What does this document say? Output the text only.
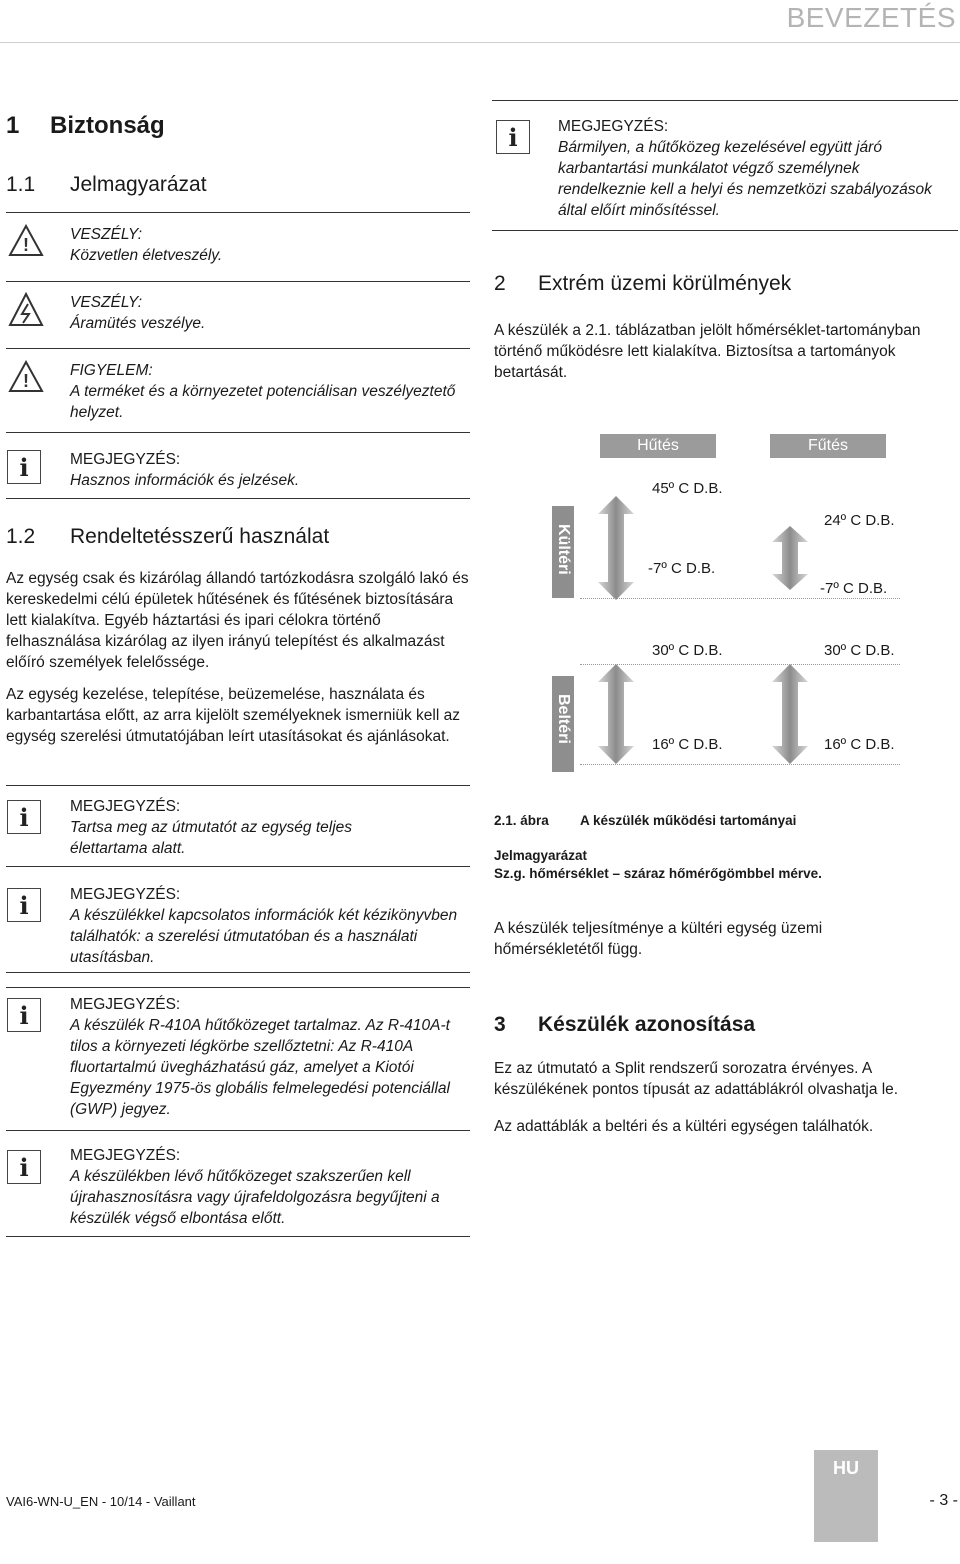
BEVEZETÉS
1 Biztonság
1.1 Jelmagyarázat
!
VESZÉLY:
Közvetlen életveszély.
VESZÉLY:
Áramütés veszélye.
!
FIGYELEM:
A terméket és a környezetet potenciálisan veszélyeztető helyzet.
i	MEGJEGYZÉS:
Hasznos információk és jelzések.
1.2 Rendeltetésszerű használat
Az egység csak és kizárólag állandó tartózkodásra szolgáló lakó és kereskedelmi célú épületek hűtésének és fűtésének biztosítására lett kialakítva. Egyéb háztartási és ipari célokra történő felhasználása kizárólag az ilyen irányú telepítést és alkalmazást előíró személyek felelőssége.
Az egység kezelése, telepítése, beüzemelése, használata és karbantartása előtt, az arra kijelölt személyeknek ismerniük kell az egység szerelési útmutatójában leírt utasításokat és ajánlásokat.
i	MEGJEGYZÉS:
Tartsa meg az útmutatót az egység teljes élettartama alatt.
i	MEGJEGYZÉS:
A készülékkel kapcsolatos információk két kézikönyvben találhatók: a szerelési útmutatóban és a használati utasításban.
i	MEGJEGYZÉS:
A készülék R-410A hűtőközeget tartalmaz. Az R-410A-t tilos a környezeti légkörbe szellőztetni: Az R-410A fluortartalmú üvegházhatású gáz, amelyet a Kiotói Egyezmény 1975-ös globális felmelegedési potenciállal (GWP) jegyez.
i	MEGJEGYZÉS:
A készülékben lévő hűtőközeget szakszerűen kell újrahasznosításra vagy újrafeldolgozásra begyűjteni a készülék végső elbontása előtt.
i	MEGJEGYZÉS:
Bármilyen, a hűtőközeg kezelésével együtt járó karbantartási munkálatot végző személynek rendelkeznie kell a helyi és nemzetközi szabályozások által előírt minősítéssel.
2 Extrém üzemi körülmények
A készülék a 2.1. táblázatban jelölt hőmérséklet-tartományban történő működésre lett kialakítva. Biztosítsa a tartományok betartását.
Hűtés	Fűtés
Kültéri
Beltéri
45º C D.B.
-7º C D.B.
24º C D.B.
-7º C D.B.
30º C D.B.
16º C D.B.
30º C D.B.
16º C D.B.
2.1. ábra A készülék működési tartományai
Jelmagyarázat
Sz.g. hőmérséklet – száraz hőmérőgömbbel mérve.
A készülék teljesítménye a kültéri egység üzemi hőmérsékletétől függ.
3 Készülék azonosítása
Ez az útmutató a Split rendszerű sorozatra érvényes. A készülékének pontos típusát az adattáblákról olvashatja le.
Az adattáblák a beltéri és a kültéri egységen találhatók.
HU
VAI6-WN-U_EN - 10/14 - Vaillant	- 3 -
